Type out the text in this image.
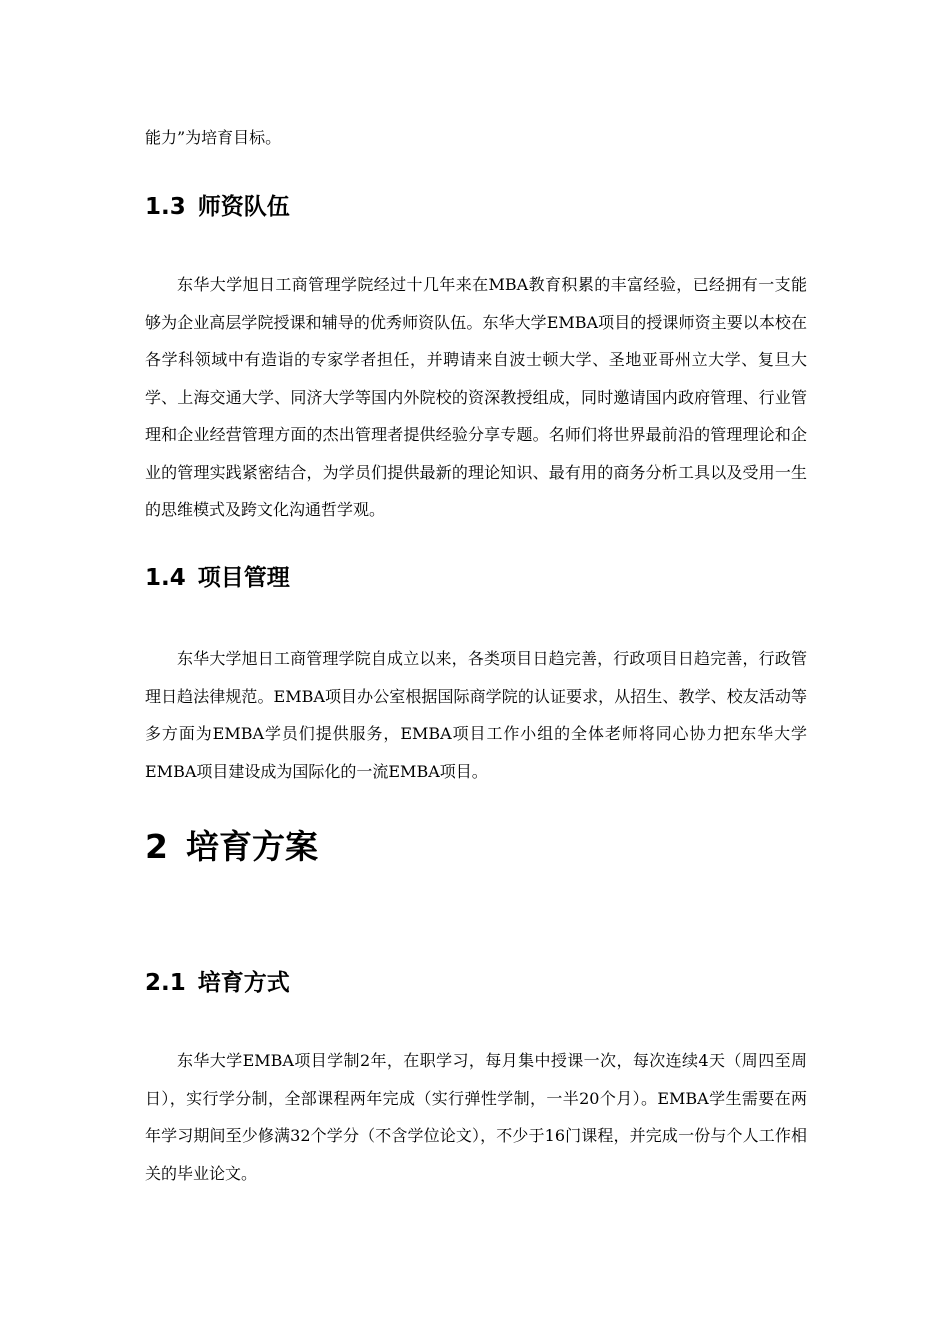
能力”为培育目标。
1.3 师资队伍

东华大学旭日工商管理学院经过十几年来在MBA教育积累的丰富经验，已经拥有一支能够为企业高层学院授课和辅导的优秀师资队伍。东华大学EMBA项目的授课师资主要以本校在各学科领域中有造诣的专家学者担任，并聘请来自波士顿大学、圣地亚哥州立大学、复旦大学、上海交通大学、同济大学等国内外院校的资深教授组成，同时邀请国内政府管理、行业管理和企业经营管理方面的杰出管理者提供经验分享专题。名师们将世界最前沿的管理理论和企业的管理实践紧密结合，为学员们提供最新的理论知识、最有用的商务分析工具以及受用一生的思维模式及跨文化沟通哲学观。

1.4 项目管理

东华大学旭日工商管理学院自成立以来，各类项目日趋完善，行政项目日趋完善，行政管理日趋法律规范。EMBA项目办公室根据国际商学院的认证要求，从招生、教学、校友活动等多方面为EMBA学员们提供服务，EMBA项目工作小组的全体老师将同心协力把东华大学EMBA项目建设成为国际化的一流EMBA项目。

2 培育方案
2.1 培育方式

东华大学EMBA项目学制2年，在职学习，每月集中授课一次，每次连续4天（周四至周日），实行学分制，全部课程两年完成（实行弹性学制，一半20个月）。EMBA学生需要在两年学习期间至少修满32个学分（不含学位论文），不少于16门课程，并完成一份与个人工作相关的毕业论文。
